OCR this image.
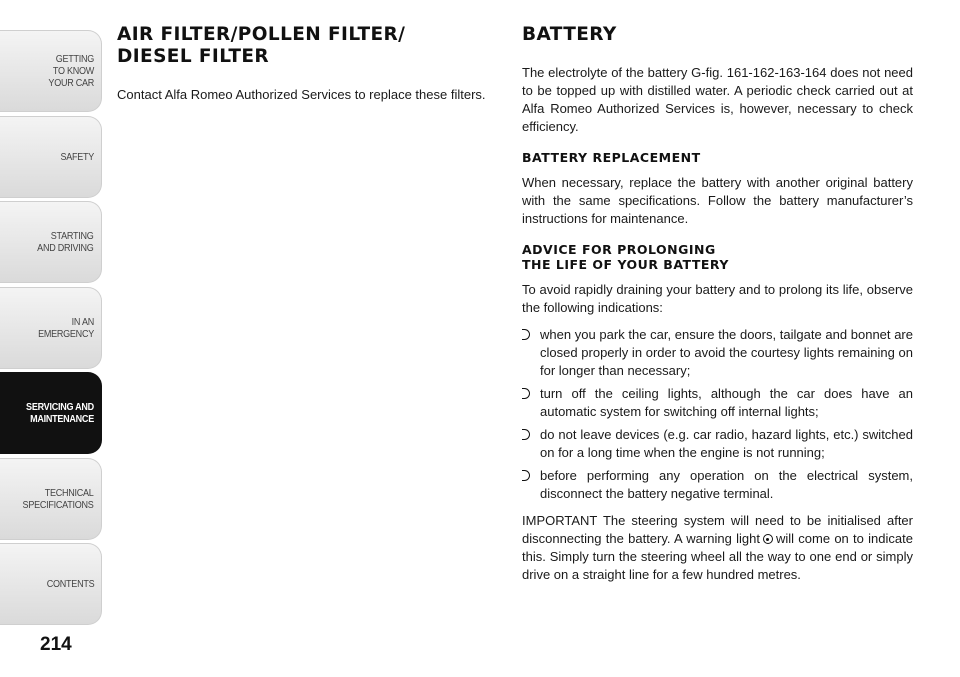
GETTING
TO KNOW
YOUR CAR
SAFETY
STARTING
AND DRIVING
IN AN
EMERGENCY
SERVICING AND
MAINTENANCE
TECHNICAL
SPECIFICATIONS
CONTENTS
214
AIR FILTER/POLLEN FILTER/
DIESEL FILTER

Contact Alfa Romeo Authorized Services to replace these filters.

BATTERY

The electrolyte of the battery G-fig. 161-162-163-164 does not need to be topped up with distilled water. A periodic check carried out at Alfa Romeo Authorized Services is, however, necessary to check efficiency.

BATTERY REPLACEMENT

When necessary, replace the battery with another original battery with the same specifications. Follow the battery manufacturer’s instructions for maintenance.

ADVICE FOR PROLONGING
THE LIFE OF YOUR BATTERY

To avoid rapidly draining your battery and to prolong its life, observe the following indications:

when you park the car, ensure the doors, tailgate and bonnet are closed properly in order to avoid the courtesy lights remaining on for longer than necessary;
turn off the ceiling lights, although the car does have an automatic system for switching off internal lights;
do not leave devices (e.g. car radio, hazard lights, etc.) switched on for a long time when the engine is not running;
before performing any operation on the electrical system, disconnect the battery negative terminal.

IMPORTANT The steering system will need to be initialised after disconnecting the battery. A warning light will come on to indicate this. Simply turn the steering wheel all the way to one end or simply drive on a straight line for a few hundred metres.
